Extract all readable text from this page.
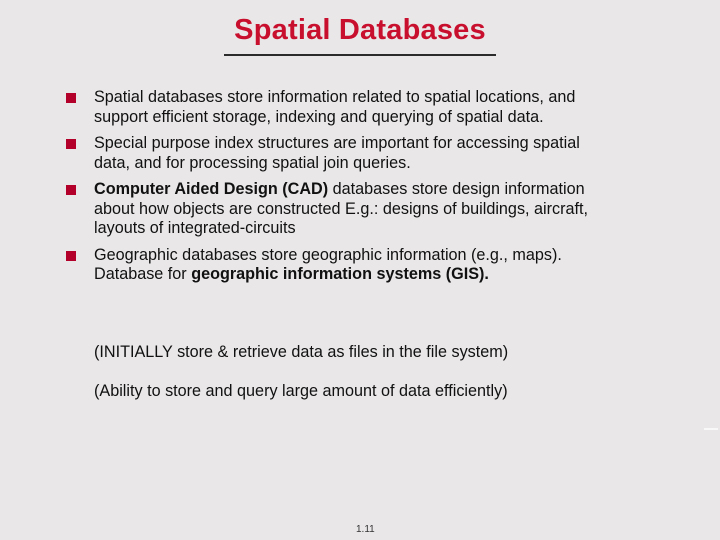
Spatial Databases
Spatial databases store information related to spatial locations, and
support efficient storage, indexing and querying of spatial data.
Special purpose index structures are important for accessing spatial
data, and for processing spatial join queries.
Computer Aided Design (CAD) databases store design information
about how objects are constructed E.g.: designs of buildings, aircraft,
layouts of integrated-circuits
Geographic databases store geographic information (e.g., maps).
Database for geographic information systems (GIS).
(INITIALLY store & retrieve data as files in the file system)
(Ability to store and query large amount of data efficiently)
1.11
